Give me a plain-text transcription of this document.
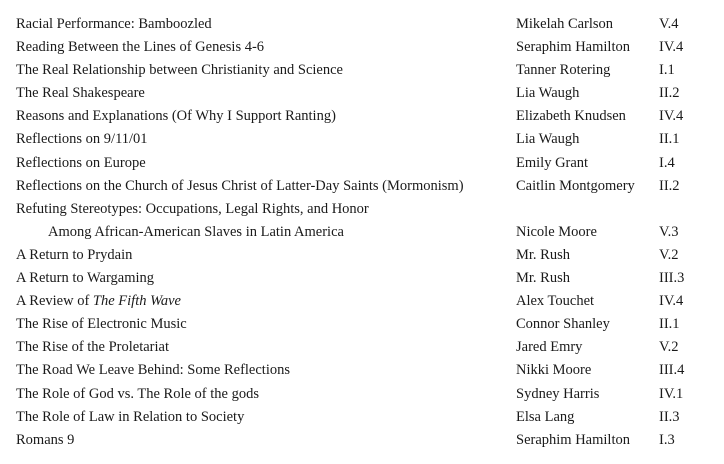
Racial Performance: Bamboozled	Mikelah Carlson	V.4
Reading Between the Lines of Genesis 4-6	Seraphim Hamilton	IV.4
The Real Relationship between Christianity and Science	Tanner Rotering	I.1
The Real Shakespeare	Lia Waugh	II.2
Reasons and Explanations (Of Why I Support Ranting)	Elizabeth Knudsen	IV.4
Reflections on 9/11/01	Lia Waugh	II.1
Reflections on Europe	Emily Grant	I.4
Reflections on the Church of Jesus Christ of Latter-Day Saints (Mormonism)	Caitlin Montgomery	II.2
Refuting Stereotypes: Occupations, Legal Rights, and Honor
Among African-American Slaves in Latin America	Nicole Moore	V.3
A Return to Prydain	Mr. Rush	V.2
A Return to Wargaming	Mr. Rush	III.3
A Review of The Fifth Wave	Alex Touchet	IV.4
The Rise of Electronic Music	Connor Shanley	II.1
The Rise of the Proletariat	Jared Emry	V.2
The Road We Leave Behind: Some Reflections	Nikki Moore	III.4
The Role of God vs. The Role of the gods	Sydney Harris	IV.1
The Role of Law in Relation to Society	Elsa Lang	II.3
Romans 9	Seraphim Hamilton	I.3
